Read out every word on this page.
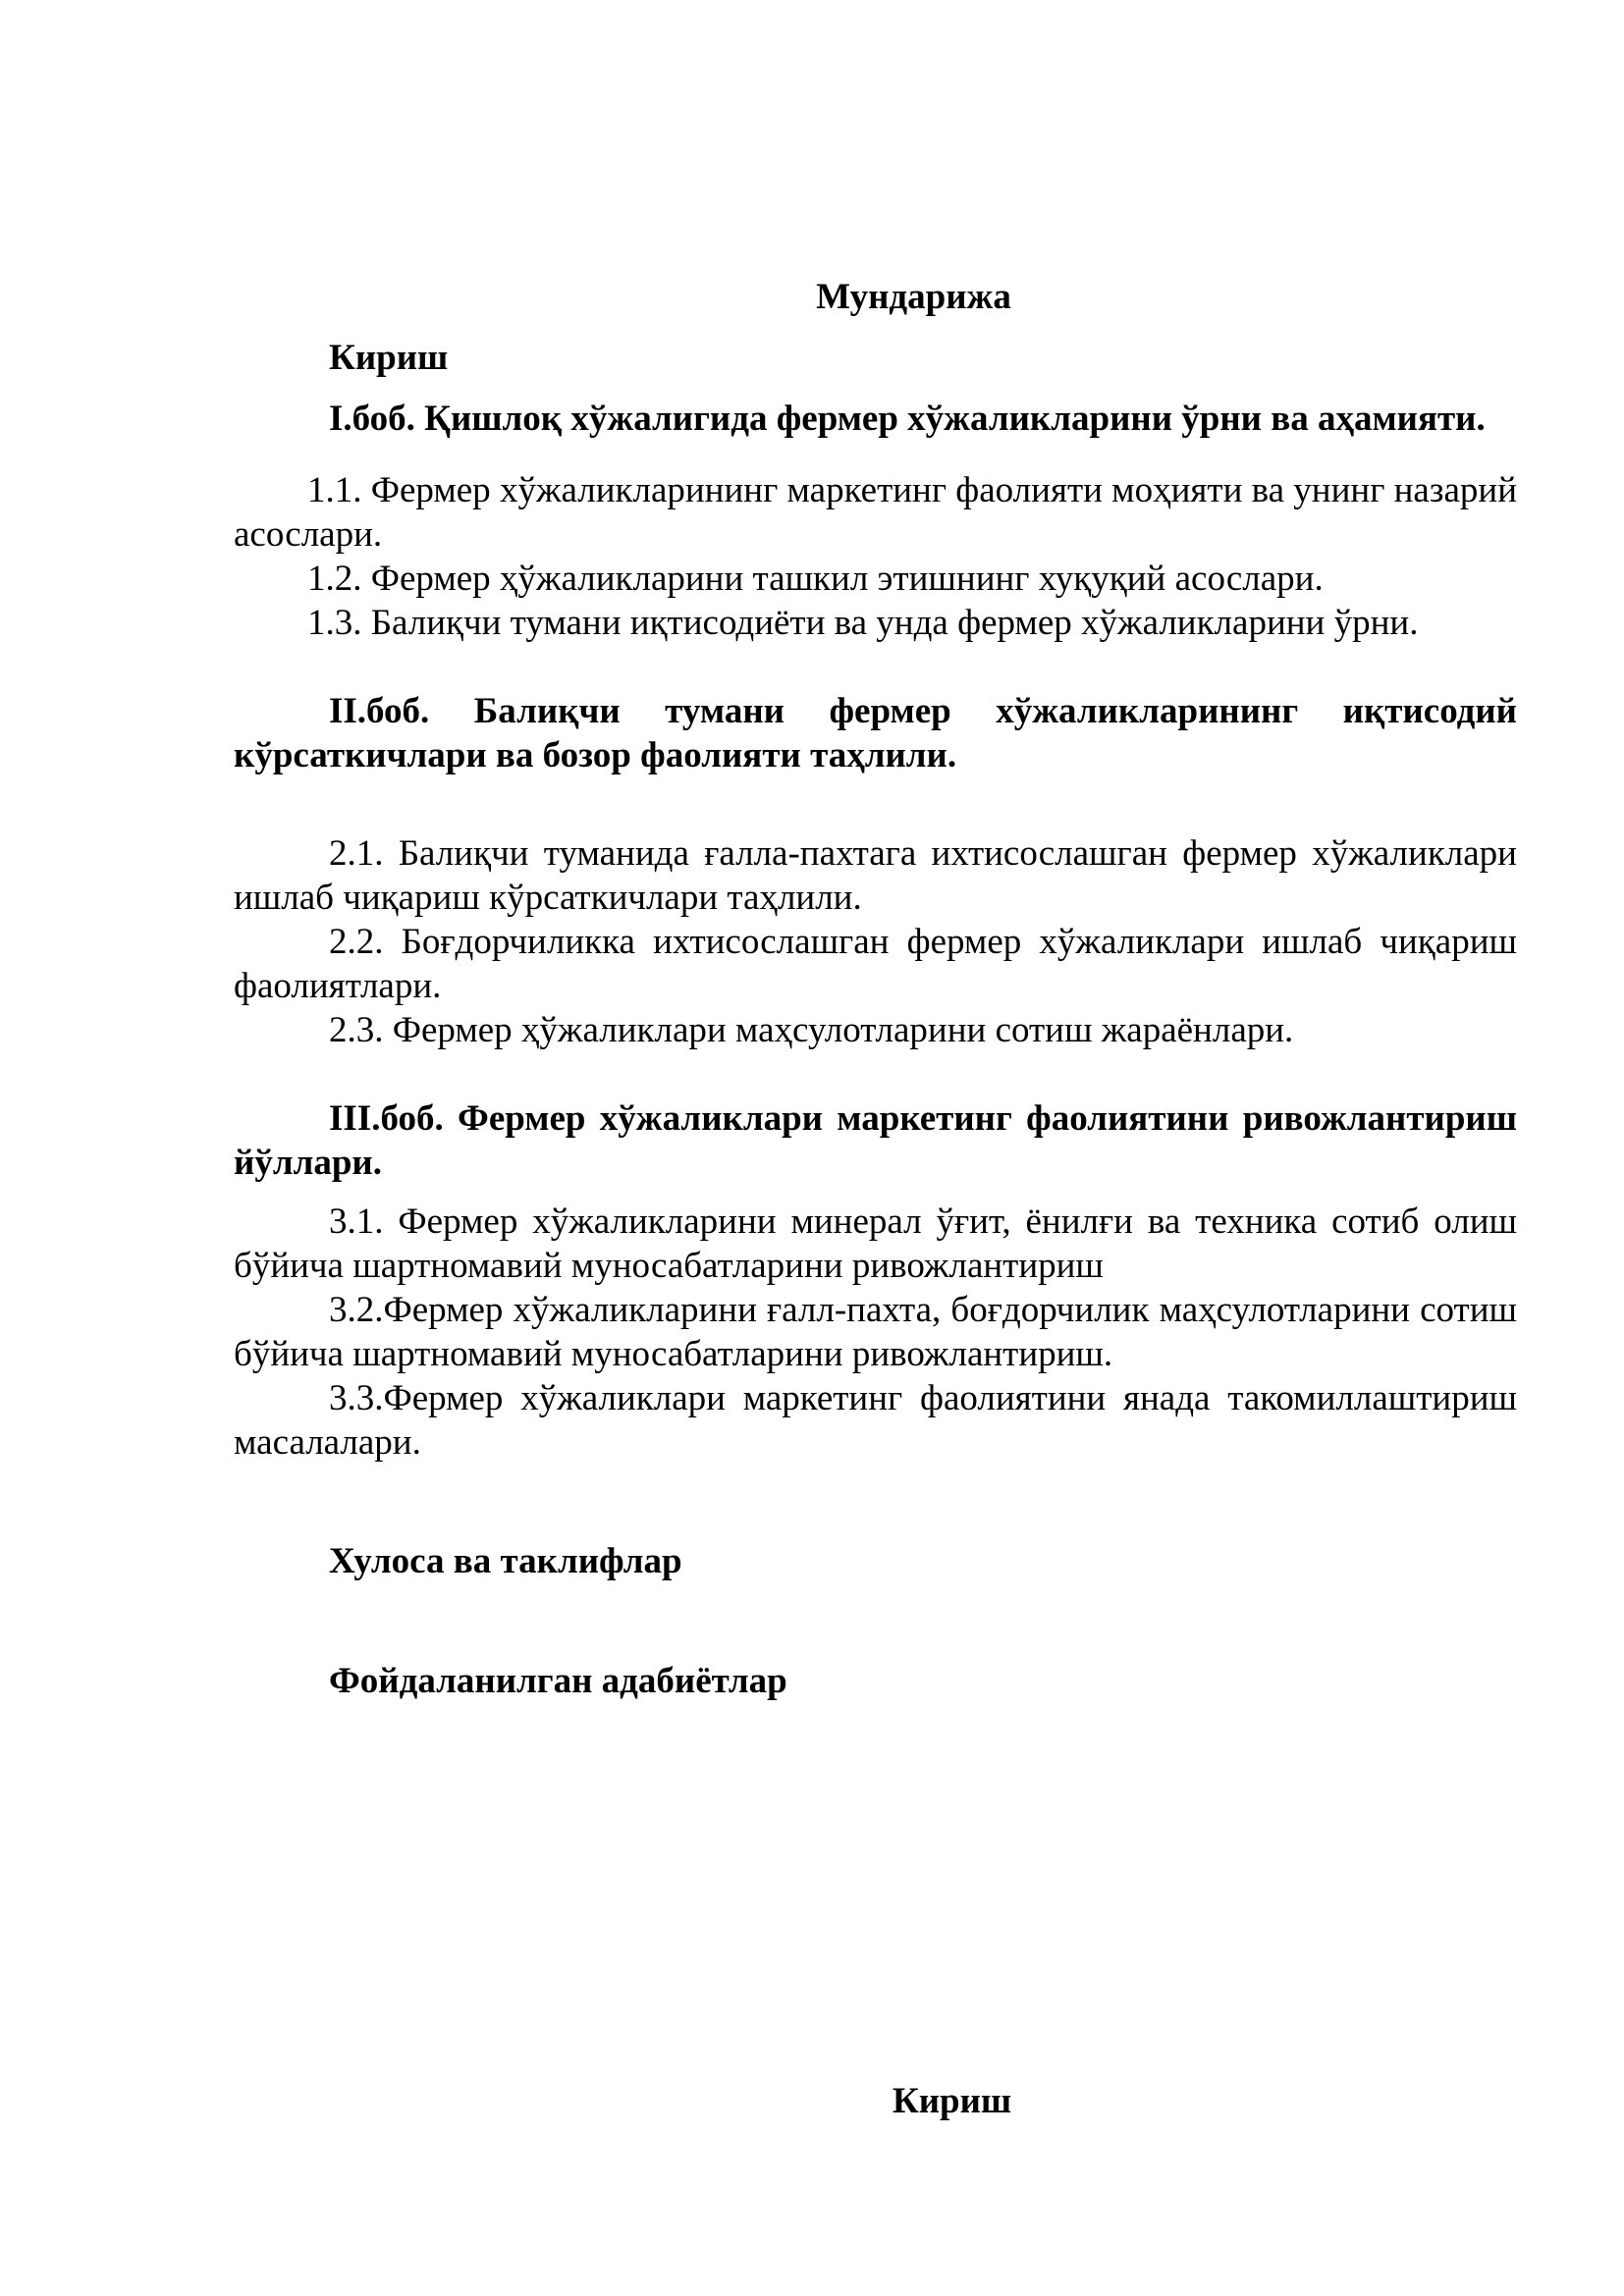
Мундарижа
Кириш
I.боб. Қишлоқ хўжалигида фермер хўжаликларини ўрни ва аҳамияти.

1.1. Фермер хўжаликларининг маркетинг фаолияти моҳияти ва унинг назарий асослари.

1.2. Фермер ҳўжаликларини ташкил этишнинг хуқуқий асослари.

1.3. Балиқчи тумани иқтисодиёти ва унда фермер хўжаликларини ўрни.

II.боб. Балиқчи тумани фермер хўжаликларининг иқтисодий кўрсаткичлари ва бозор фаолияти таҳлили.

2.1. Балиқчи туманида ғалла-пахтага ихтисослашган фермер хўжаликлари ишлаб чиқариш кўрсаткичлари таҳлили.

2.2. Боғдорчиликка ихтисослашган фермер хўжаликлари ишлаб чиқариш фаолиятлари.

2.3. Фермер ҳўжаликлари маҳсулотларини сотиш жараёнлари.

III.боб. Фермер хўжаликлари маркетинг фаолиятини ривожлантириш йўллари.

3.1. Фермер хўжаликларини минерал ўғит, ёнилғи ва техника сотиб олиш бўйича шартномавий муносабатларини ривожлантириш

3.2.Фермер хўжаликларини ғалл-пахта, боғдорчилик маҳсулотларини сотиш бўйича шартномавий муносабатларини ривожлантириш.

3.3.Фермер хўжаликлари маркетинг фаолиятини янада такомиллаштириш масалалари.

Хулоса ва таклифлар
Фойдаланилган адабиётлар
Кириш
